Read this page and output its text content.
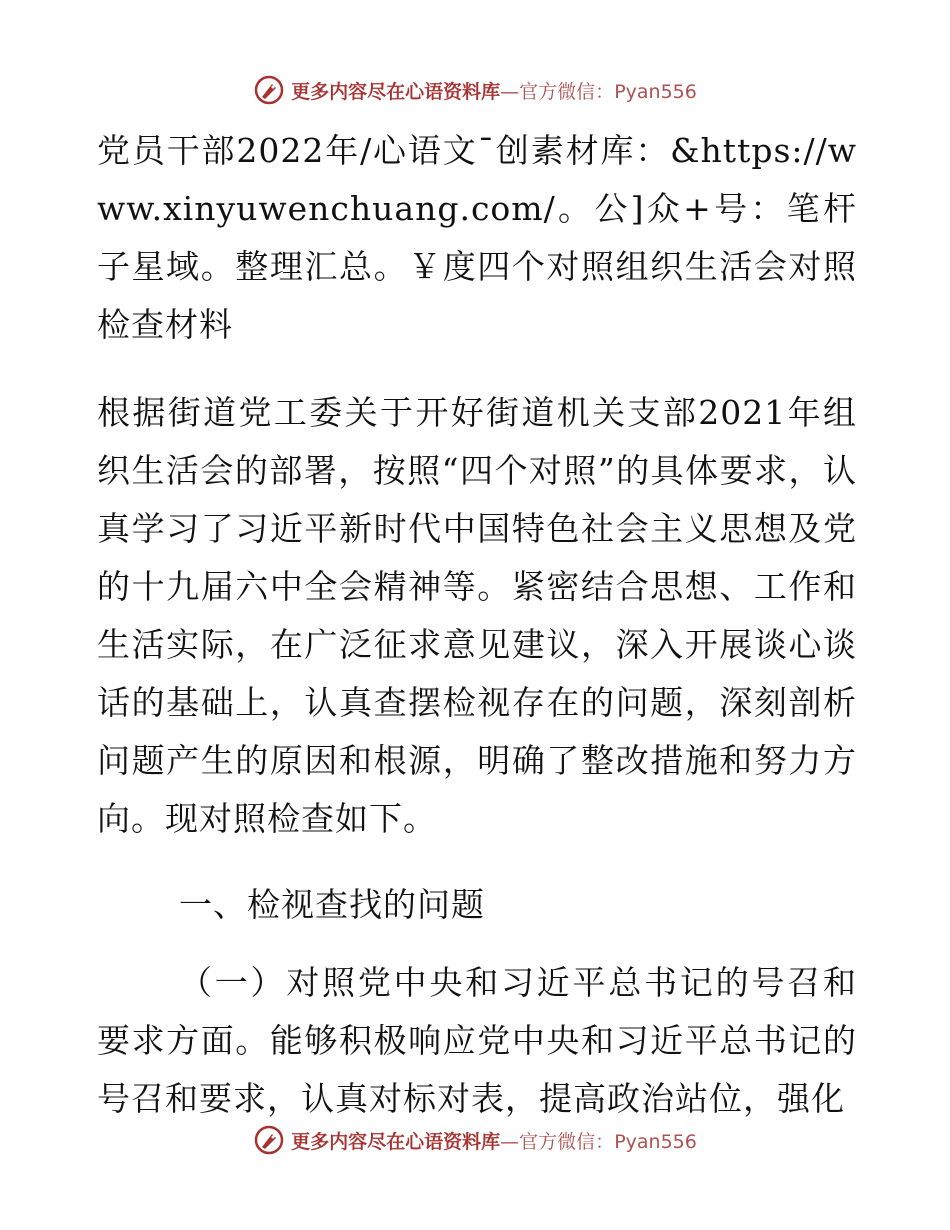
更多内容尽在心语资料库—官方微信：Pyan556

党员干部2022年/心语文¯创素材库：&https://www.xinyuwenchuang.com/。公]众+号：笔杆子星域。整理汇总。￥度四个对照组织生活会对照检查材料

根据街道党工委关于开好街道机关支部2021年组织生活会的部署，按照“四个对照”的具体要求，认真学习了习近平新时代中国特色社会主义思想及党的十九届六中全会精神等。紧密结合思想、工作和生活实际，在广泛征求意见建议，深入开展谈心谈话的基础上，认真查摆检视存在的问题，深刻剖析问题产生的原因和根源，明确了整改措施和努力方向。现对照检查如下。

一、检视查找的问题

（一）对照党中央和习近平总书记的号召和要求方面。能够积极响应党中央和习近平总书记的号召和要求，认真对标对表，提高政治站位，强化

更多内容尽在心语资料库—官方微信：Pyan556
